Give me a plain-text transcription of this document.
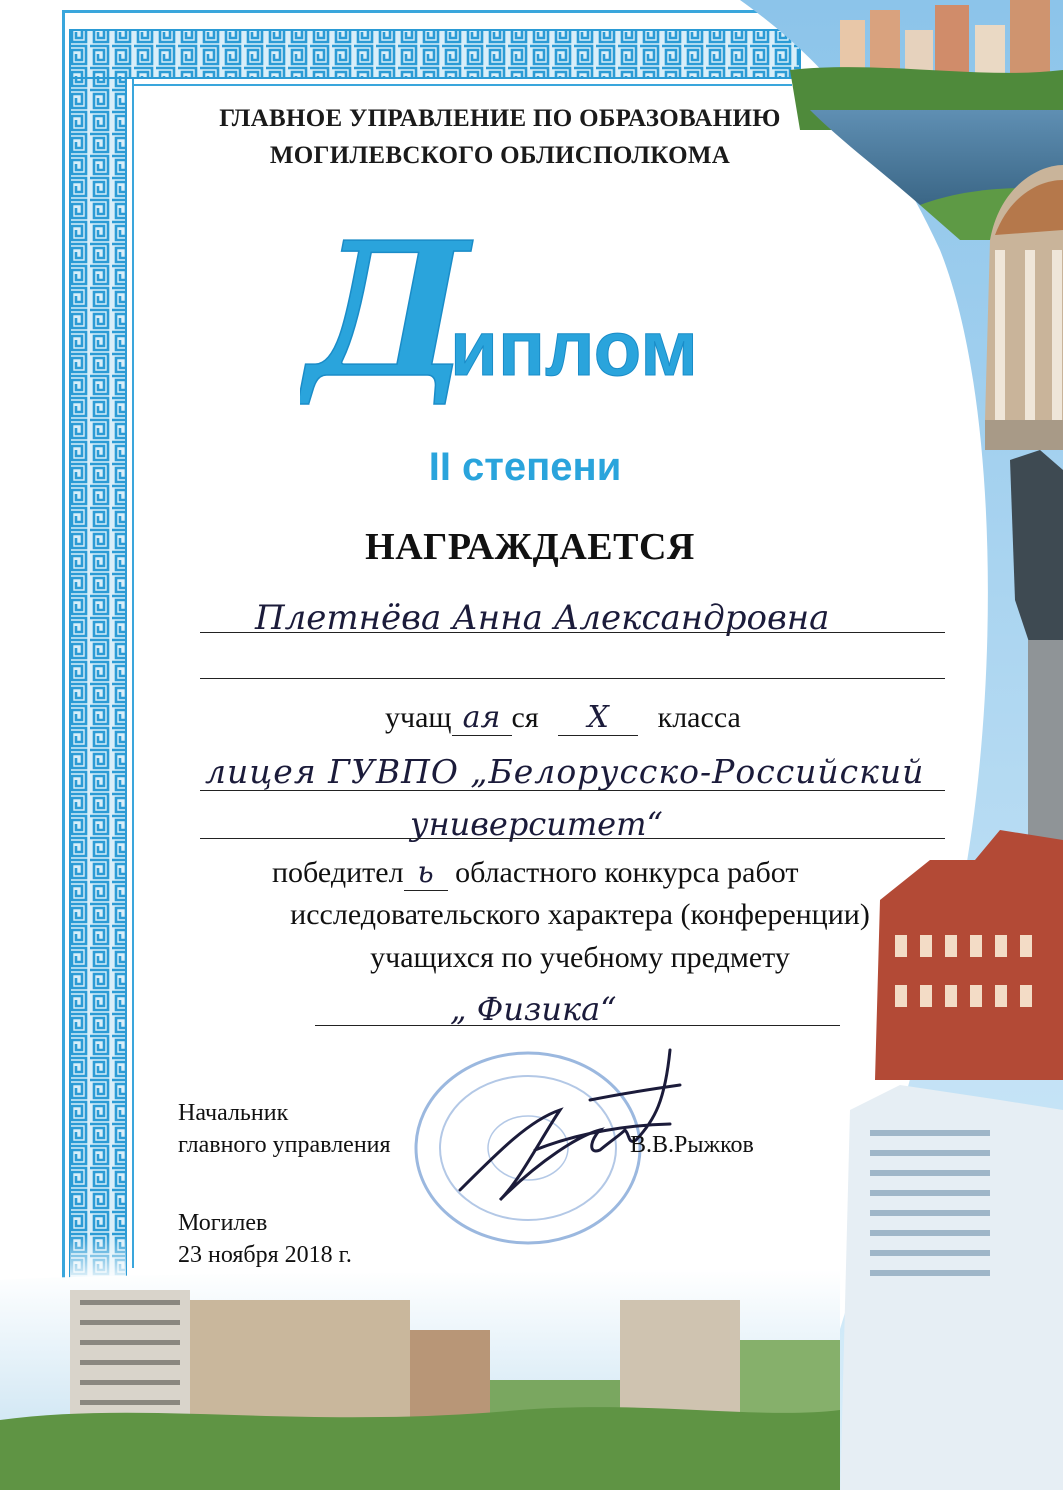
ГЛАВНОЕ УПРАВЛЕНИЕ ПО ОБРАЗОВАНИЮ
МОГИЛЕВСКОГО ОБЛИСПОЛКОМА
Д
иплом
II степени
НАГРАЖДАЕТСЯ
Плетнёва Анна Александровна
учащ ая ся X класса
лицея ГУВПО „Белорусско-Российский
университет“
победител ь областного конкурса работ
исследовательского характера (конференции)
учащихся по учебному предмету
„ Физика“
Начальник
главного управления	В.В.Рыжков
Могилев
23 ноября 2018 г.
